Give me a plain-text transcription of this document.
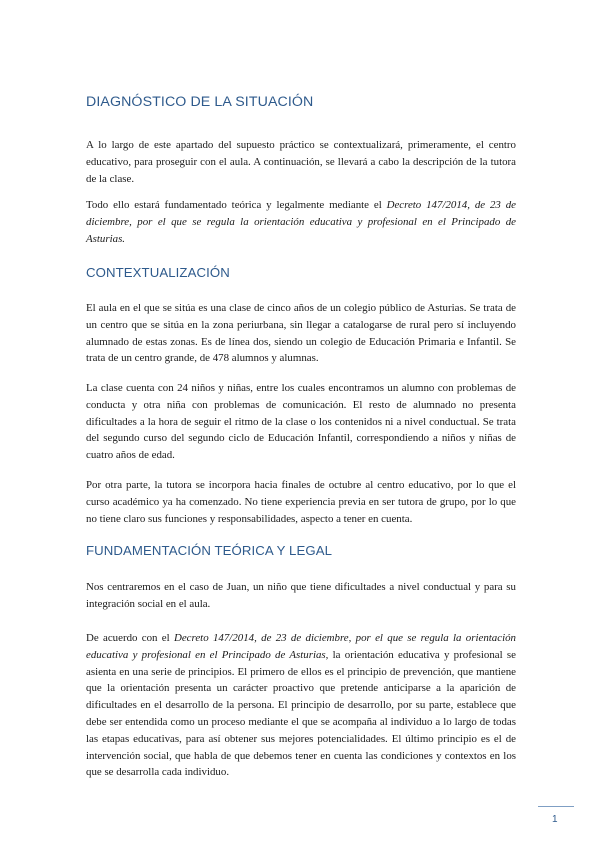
DIAGNÓSTICO DE LA SITUACIÓN

A lo largo de este apartado del supuesto práctico se contextualizará, primeramente, el centro educativo, para proseguir con el aula. A continuación, se llevará a cabo la descripción de la tutora de la clase.

Todo ello estará fundamentado teórica y legalmente mediante el Decreto 147/2014, de 23 de diciembre, por el que se regula la orientación educativa y profesional en el Principado de Asturias.

CONTEXTUALIZACIÓN

El aula en el que se sitúa es una clase de cinco años de un colegio público de Asturias. Se trata de un centro que se sitúa en la zona periurbana, sin llegar a catalogarse de rural pero sí incluyendo alumnado de estas zonas. Es de línea dos, siendo un colegio de Educación Primaria e Infantil. Se trata de un centro grande, de 478 alumnos y alumnas.

La clase cuenta con 24 niños y niñas, entre los cuales encontramos un alumno con problemas de conducta y otra niña con problemas de comunicación. El resto de alumnado no presenta dificultades a la hora de seguir el ritmo de la clase o los contenidos ni a nivel conductual. Se trata del segundo curso del segundo ciclo de Educación Infantil, correspondiendo a niños y niñas de cuatro años de edad.

Por otra parte, la tutora se incorpora hacia finales de octubre al centro educativo, por lo que el curso académico ya ha comenzado. No tiene experiencia previa en ser tutora de grupo, por lo que no tiene claro sus funciones y responsabilidades, aspecto a tener en cuenta.

FUNDAMENTACIÓN TEÓRICA Y LEGAL

Nos centraremos en el caso de Juan, un niño que tiene dificultades a nivel conductual y para su integración social en el aula.

De acuerdo con el Decreto 147/2014, de 23 de diciembre, por el que se regula la orientación educativa y profesional en el Principado de Asturias, la orientación educativa y profesional se asienta en una serie de principios. El primero de ellos es el principio de prevención, que mantiene que la orientación presenta un carácter proactivo que pretende anticiparse a la aparición de dificultades en el desarrollo de la persona. El principio de desarrollo, por su parte, establece que debe ser entendida como un proceso mediante el que se acompaña al individuo a lo largo de todas las etapas educativas, para así obtener sus mejores potencialidades. El último principio es el de intervención social, que habla de que debemos tener en cuenta las condiciones y contextos en los que se desarrolla cada individuo.

1
